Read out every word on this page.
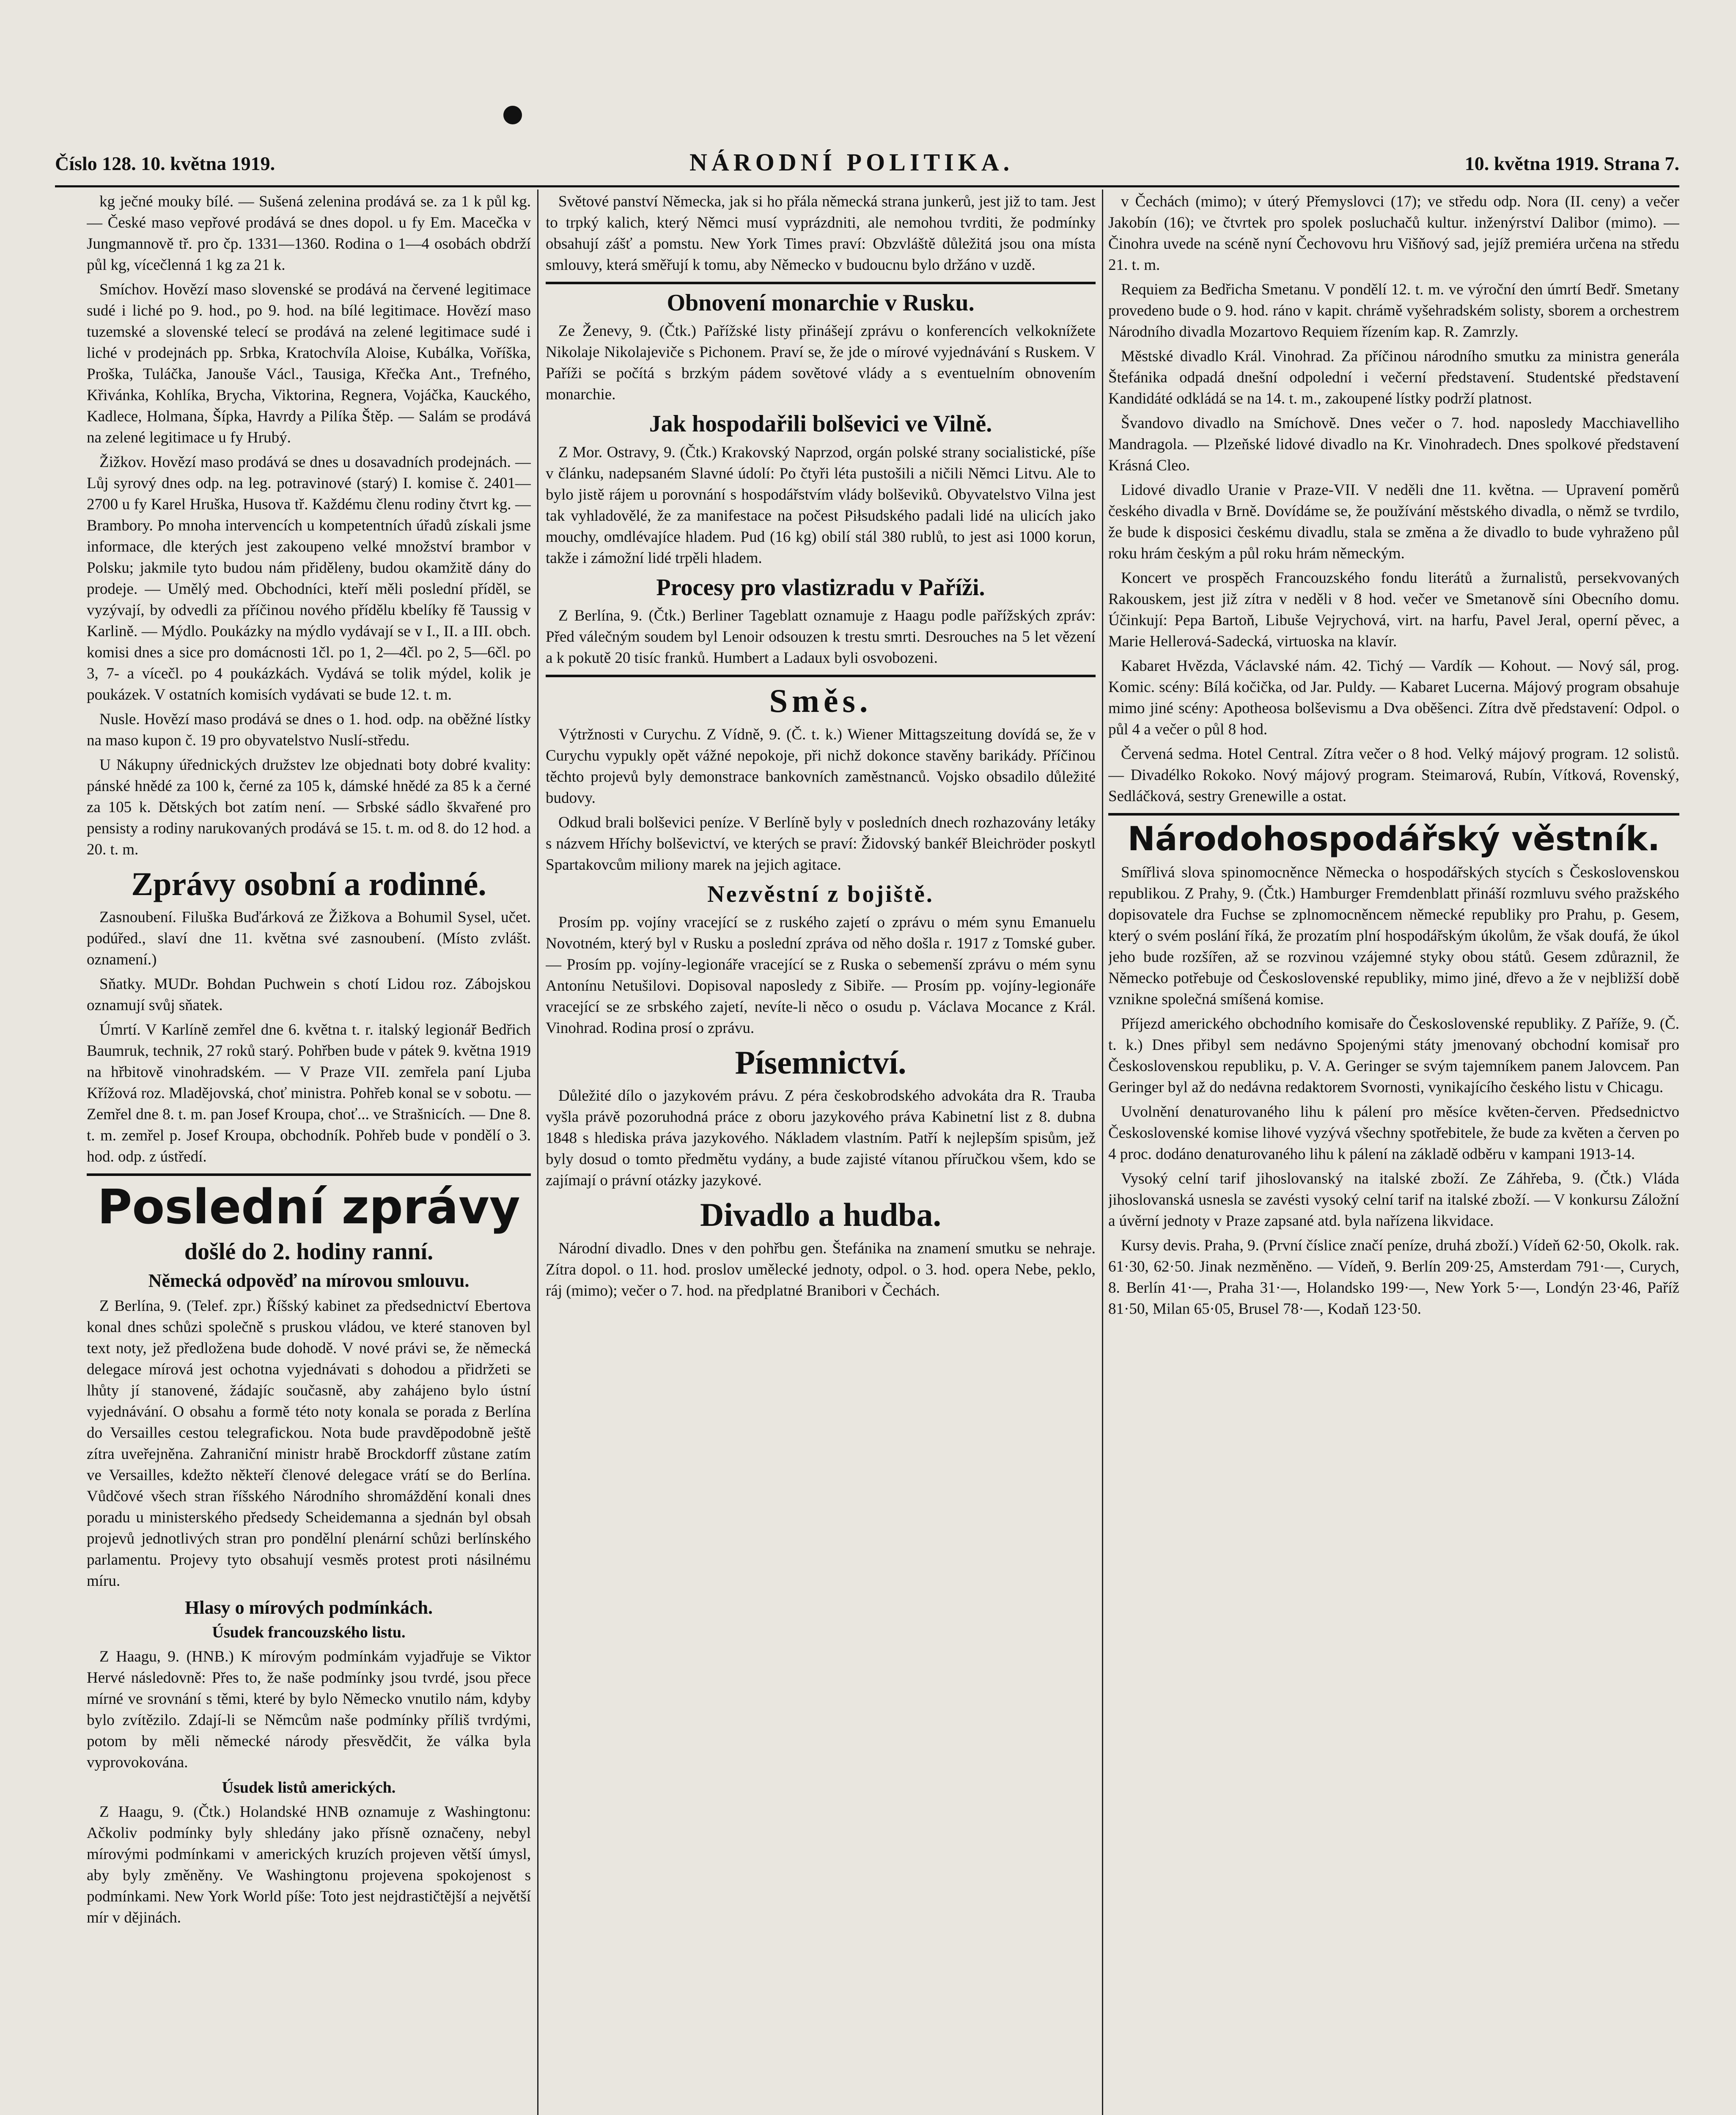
Číslo 128. 10. května 1919.	NÁRODNÍ POLITIKA.	10. května 1919. Strana 7.

kg ječné mouky bílé. — Sušená zelenina prodává se. za 1 k půl kg. — České maso vepřové prodává se dnes dopol. u fy Em. Macečka v Jungmannově tř. pro čp. 1331—1360. Rodina o 1—4 osobách obdrží půl kg, vícečlenná 1 kg za 21 k.

Smíchov. Hovězí maso slovenské se prodává na červené legitimace sudé i liché po 9. hod., po 9. hod. na bílé legitimace. Hovězí maso tuzemské a slovenské telecí se prodává na zelené legitimace sudé i liché v prodejnách pp. Srbka, Kratochvíla Aloise, Kubálka, Voříška, Proška, Tuláčka, Janouše Václ., Tausiga, Křečka Ant., Trefného, Křivánka, Kohlíka, Brycha, Viktorina, Regnera, Vojáčka, Kauckého, Kadlece, Holmana, Šípka, Havrdy a Pilíka Štěp. — Salám se prodává na zelené legitimace u fy Hrubý.

Žižkov. Hovězí maso prodává se dnes u dosavadních prodejnách. — Lůj syrový dnes odp. na leg. potravinové (starý) I. komise č. 2401—2700 u fy Karel Hruška, Husova tř. Každému členu rodiny čtvrt kg. — Brambory. Po mnoha intervencích u kompetentních úřadů získali jsme informace, dle kterých jest zakoupeno velké množství brambor v Polsku; jakmile tyto budou nám přiděleny, budou okamžitě dány do prodeje. — Umělý med. Obchodníci, kteří měli poslední příděl, se vyzývají, by odvedli za příčinou nového přídělu kbelíky fě Taussig v Karlině. — Mýdlo. Poukázky na mýdlo vydávají se v I., II. a III. obch. komisi dnes a sice pro domácnosti 1čl. po 1, 2—4čl. po 2, 5—6čl. po 3, 7- a vícečl. po 4 poukázkách. Vydává se tolik mýdel, kolik je poukázek. V ostatních komisích vydávati se bude 12. t. m.

Nusle. Hovězí maso prodává se dnes o 1. hod. odp. na oběžné lístky na maso kupon č. 19 pro obyvatelstvo Nuslí-středu.

U Nákupny úřednických družstev lze objednati boty dobré kvality: pánské hnědé za 100 k, černé za 105 k, dámské hnědé za 85 k a černé za 105 k. Dětských bot zatím není. — Srbské sádlo škvařené pro pensisty a rodiny narukovaných prodává se 15. t. m. od 8. do 12 hod. a 20. t. m.

Zprávy osobní a rodinné.

Zasnoubení. Filuška Buďárková ze Žižkova a Bohumil Sysel, učet. podúřed., slaví dne 11. května své zasnoubení. (Místo zvlášt. oznamení.)

Sňatky. MUDr. Bohdan Puchwein s chotí Lidou roz. Zábojskou oznamují svůj sňatek.

Úmrtí. V Karlíně zemřel dne 6. května t. r. italský legionář Bedřich Baumruk, technik, 27 roků starý. Pohřben bude v pátek 9. května 1919 na hřbitově vinohradském. — V Praze VII. zemřela paní Ljuba Křížová roz. Mladějovská, choť ministra. Pohřeb konal se v sobotu. — Zemřel dne 8. t. m. pan Josef Kroupa, choť... ve Strašnicích. — Dne 8. t. m. zemřel p. Josef Kroupa, obchodník. Pohřeb bude v pondělí o 3. hod. odp. z ústředí.

Poslední zprávy
došlé do 2. hodiny ranní.
Německá odpověď na mírovou smlouvu.

Z Berlína, 9. (Telef. zpr.) Říšský kabinet za předsednictví Ebertova konal dnes schůzi společně s pruskou vládou, ve které stanoven byl text noty, jež předložena bude dohodě. V nové právi se, že německá delegace mírová jest ochotna vyjednávati s dohodou a přidržeti se lhůty jí stanovené, žádajíc současně, aby zahájeno bylo ústní vyjednávání. O obsahu a formě této noty konala se porada z Berlína do Versailles cestou telegrafickou. Nota bude pravděpodobně ještě zítra uveřejněna. Zahraniční ministr hrabě Brockdorff zůstane zatím ve Versailles, kdežto někteří členové delegace vrátí se do Berlína. Vůdčové všech stran říšského Národního shromáždění konali dnes poradu u ministerského předsedy Scheidemanna a sjednán byl obsah projevů jednotlivých stran pro pondělní plenární schůzi berlínského parlamentu. Projevy tyto obsahují vesměs protest proti násilnému míru.

Hlasy o mírových podmínkách.
Úsudek francouzského listu.

Z Haagu, 9. (HNB.) K mírovým podmínkám vyjadřuje se Viktor Hervé následovně: Přes to, že naše podmínky jsou tvrdé, jsou přece mírné ve srovnání s těmi, které by bylo Německo vnutilo nám, kdyby bylo zvítězilo. Zdají-li se Němcům naše podmínky příliš tvrdými, potom by měli německé národy přesvědčit, že válka byla vyprovokována.

Úsudek listů amerických.

Z Haagu, 9. (Čtk.) Holandské HNB oznamuje z Washingtonu: Ačkoliv podmínky byly shledány jako přísně označeny, nebyl mírovými podmínkami v amerických kruzích projeven větší úmysl, aby byly změněny. Ve Washingtonu projevena spokojenost s podmínkami. New York World píše: Toto jest nejdrastičtější a největší mír v dějinách.

Světové panství Německa, jak si ho přála německá strana junkerů, jest již to tam. Jest to trpký kalich, který Němci musí vyprázdniti, ale nemohou tvrditi, že podmínky obsahují zášť a pomstu. New York Times praví: Obzvláště důležitá jsou ona místa smlouvy, která směřují k tomu, aby Německo v budoucnu bylo držáno v uzdě.

Obnovení monarchie v Rusku.

Ze Ženevy, 9. (Čtk.) Pařížské listy přinášejí zprávu o konferencích velkoknížete Nikolaje Nikolajeviče s Pichonem. Praví se, že jde o mírové vyjednávání s Ruskem. V Paříži se počítá s brzkým pádem sovětové vlády a s eventuelním obnovením monarchie.

Jak hospodařili bolševici ve Vilně.

Z Mor. Ostravy, 9. (Čtk.) Krakovský Naprzod, orgán polské strany socialistické, píše v článku, nadepsaném Slavné údolí: Po čtyři léta pustošili a ničili Němci Litvu. Ale to bylo jistě rájem u porovnání s hospodářstvím vlády bolševiků. Obyvatelstvo Vilna jest tak vyhladovělé, že za manifestace na počest Piłsudského padali lidé na ulicích jako mouchy, omdlévajíce hladem. Pud (16 kg) obilí stál 380 rublů, to jest asi 1000 korun, takže i zámožní lidé trpěli hladem.

Procesy pro vlastizradu v Paříži.

Z Berlína, 9. (Čtk.) Berliner Tageblatt oznamuje z Haagu podle pařížských zpráv: Před válečným soudem byl Lenoir odsouzen k trestu smrti. Desrouches na 5 let vězení a k pokutě 20 tisíc franků. Humbert a Ladaux byli osvobozeni.

Směs.

Výtržnosti v Curychu. Z Vídně, 9. (Č. t. k.) Wiener Mittagszeitung dovídá se, že v Curychu vypukly opět vážné nepokoje, při nichž dokonce stavěny barikády. Příčinou těchto projevů byly demonstrace bankovních zaměstnanců. Vojsko obsadilo důležité budovy.

Odkud brali bolševici peníze. V Berlíně byly v posledních dnech rozhazovány letáky s názvem Hříchy bolševictví, ve kterých se praví: Židovský bankéř Bleichröder poskytl Spartakovcům miliony marek na jejich agitace.

Nezvěstní z bojiště.

Prosím pp. vojíny vracející se z ruského zajetí o zprávu o mém synu Emanuelu Novotném, který byl v Rusku a poslední zpráva od něho došla r. 1917 z Tomské guber. — Prosím pp. vojíny-legionáře vracející se z Ruska o sebemenší zprávu o mém synu Antonínu Netušilovi. Dopisoval naposledy z Sibiře. — Prosím pp. vojíny-legionáře vracející se ze srbského zajetí, nevíte-li něco o osudu p. Václava Mocance z Král. Vinohrad. Rodina prosí o zprávu.

Písemnictví.

Důležité dílo o jazykovém právu. Z péra českobrodského advokáta dra R. Trauba vyšla právě pozoruhodná práce z oboru jazykového práva Kabinetní list z 8. dubna 1848 s hlediska práva jazykového. Nákladem vlastním. Patří k nejlepším spisům, jež byly dosud o tomto předmětu vydány, a bude zajisté vítanou příručkou všem, kdo se zajímají o právní otázky jazykové.

Divadlo a hudba.

Národní divadlo. Dnes v den pohřbu gen. Štefánika na znamení smutku se nehraje. Zítra dopol. o 11. hod. proslov umělecké jednoty, odpol. o 3. hod. opera Nebe, peklo, ráj (mimo); večer o 7. hod. na předplatné Branibori v Čechách.

v Čechách (mimo); v úterý Přemyslovci (17); ve středu odp. Nora (II. ceny) a večer Jakobín (16); ve čtvrtek pro spolek posluchačů kultur. inženýrství Dalibor (mimo). — Činohra uvede na scéně nyní Čechovovu hru Višňový sad, jejíž premiéra určena na středu 21. t. m.

Requiem za Bedřicha Smetanu. V pondělí 12. t. m. ve výroční den úmrtí Bedř. Smetany provedeno bude o 9. hod. ráno v kapit. chrámě vyšehradském solisty, sborem a orchestrem Národního divadla Mozartovo Requiem řízením kap. R. Zamrzly.

Městské divadlo Král. Vinohrad. Za příčinou národního smutku za ministra generála Štefánika odpadá dnešní odpolední i večerní představení. Studentské představení Kandidáté odkládá se na 14. t. m., zakoupené lístky podrží platnost.

Švandovo divadlo na Smíchově. Dnes večer o 7. hod. naposledy Macchiavelliho Mandragola. — Plzeňské lidové divadlo na Kr. Vinohradech. Dnes spolkové představení Krásná Cleo.

Lidové divadlo Uranie v Praze-VII. V neděli dne 11. května. — Upravení poměrů českého divadla v Brně. Dovídáme se, že používání městského divadla, o němž se tvrdilo, že bude k disposici českému divadlu, stala se změna a že divadlo to bude vyhraženo půl roku hrám českým a půl roku hrám německým.

Koncert ve prospěch Francouzského fondu literátů a žurnalistů, persekvovaných Rakouskem, jest již zítra v neděli v 8 hod. večer ve Smetanově síni Obecního domu. Účinkují: Pepa Bartoň, Libuše Vejrychová, virt. na harfu, Pavel Jeral, operní pěvec, a Marie Hellerová-Sadecká, virtuoska na klavír.

Kabaret Hvězda, Václavské nám. 42. Tichý — Vardík — Kohout. — Nový sál, prog. Komic. scény: Bílá kočička, od Jar. Puldy. — Kabaret Lucerna. Májový program obsahuje mimo jiné scény: Apotheosa bolševismu a Dva oběšenci. Zítra dvě představení: Odpol. o půl 4 a večer o půl 8 hod.

Červená sedma. Hotel Central. Zítra večer o 8 hod. Velký májový program. 12 solistů. — Divadélko Rokoko. Nový májový program. Steimarová, Rubín, Vítková, Rovenský, Sedláčková, sestry Grenewille a ostat.

Národohospodářský věstník.

Smířlivá slova spinomocněnce Německa o hospodářských stycích s Československou republikou. Z Prahy, 9. (Čtk.) Hamburger Fremdenblatt přináší rozmluvu svého pražského dopisovatele dra Fuchse se zplnomocněncem německé republiky pro Prahu, p. Gesem, který o svém poslání říká, že prozatím plní hospodářským úkolům, že však doufá, že úkol jeho bude rozšířen, až se rozvinou vzájemné styky obou států. Gesem zdůraznil, že Německo potřebuje od Československé republiky, mimo jiné, dřevo a že v nejbližší době vznikne společná smíšená komise.

Příjezd amerického obchodního komisaře do Československé republiky. Z Paříže, 9. (Č. t. k.) Dnes přibyl sem nedávno Spojenými státy jmenovaný obchodní komisař pro Československou republiku, p. V. A. Geringer se svým tajemníkem panem Jalovcem. Pan Geringer byl až do nedávna redaktorem Svornosti, vynikajícího českého listu v Chicagu.

Uvolnění denaturovaného lihu k pálení pro měsíce květen-červen. Předsednictvo Československé komise lihové vyzývá všechny spotřebitele, že bude za květen a červen po 4 proc. dodáno denaturovaného lihu k pálení na základě odběru v kampani 1913-14.

Vysoký celní tarif jihoslovanský na italské zboží. Ze Záhřeba, 9. (Čtk.) Vláda jihoslovanská usnesla se zavésti vysoký celní tarif na italské zboží. — V konkursu Záložní a úvěrní jednoty v Praze zapsané atd. byla nařízena likvidace.

Kursy devis. Praha, 9. (První číslice značí peníze, druhá zboží.) Vídeň 62·50, Okolk. rak. 61·30, 62·50. Jinak nezměněno. — Vídeň, 9. Berlín 209·25, Amsterdam 791·—, Curych, 8. Berlín 41·—, Praha 31·—, Holandsko 199·—, New York 5·—, Londýn 23·46, Paříž 81·50, Milan 65·05, Brusel 78·—, Kodaň 123·50.
